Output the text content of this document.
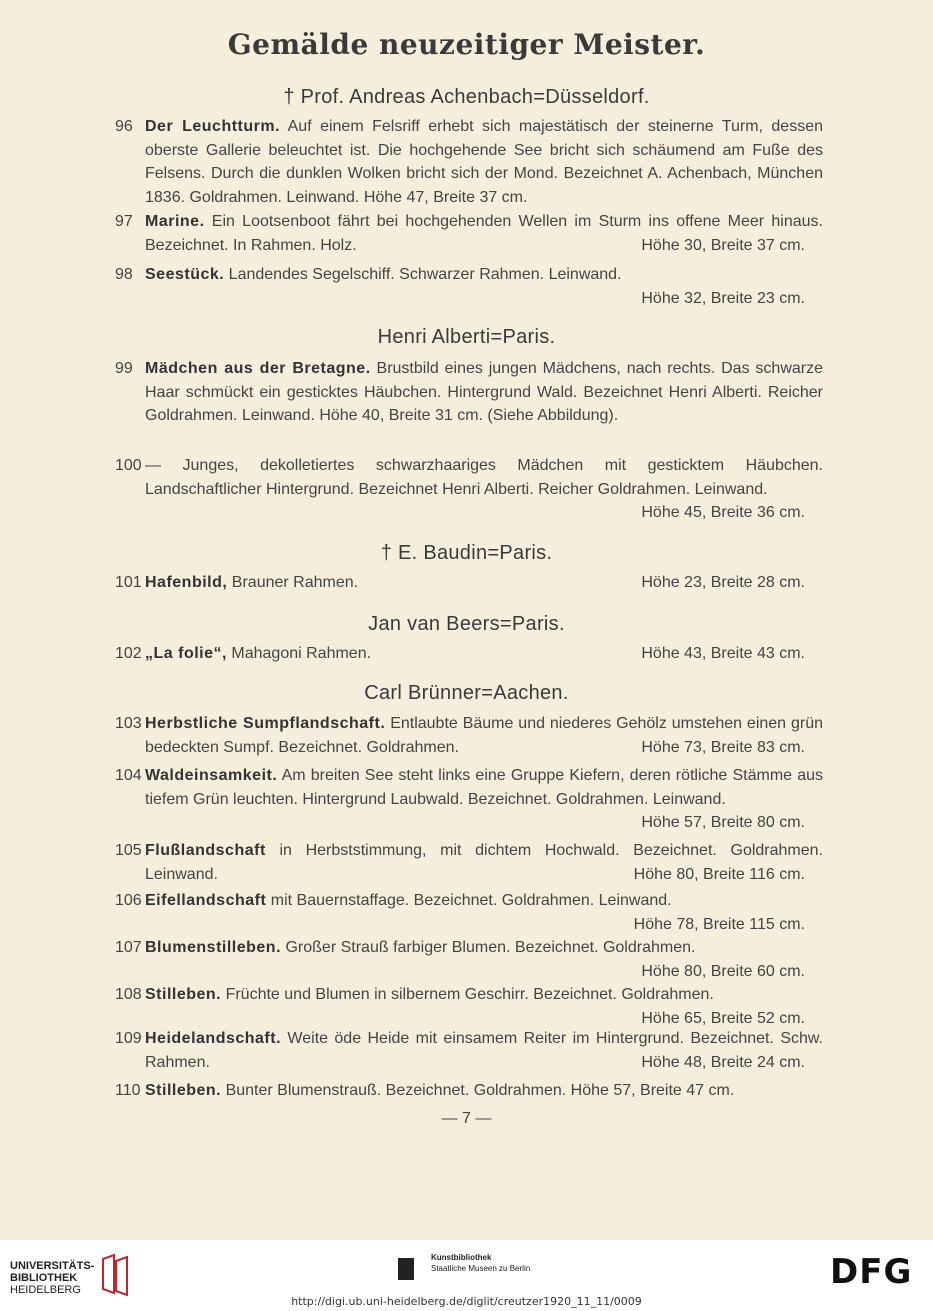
Gemälde neuzeitiger Meister.
† Prof. Andreas Achenbach=Düsseldorf.
96 Der Leuchtturm. Auf einem Felsriff erhebt sich majestätisch der steinerne Turm, dessen oberste Gallerie beleuchtet ist. Die hochgehende See bricht sich schäumend am Fuße des Felsens. Durch die dunklen Wolken bricht sich der Mond. Bezeichnet A. Achenbach, München 1836. Goldrahmen. Leinwand. Höhe 47, Breite 37 cm.
97 Marine. Ein Lootsenboot fährt bei hochgehenden Wellen im Sturm ins offene Meer hinaus. Bezeichnet. In Rahmen. Holz.	Höhe 30, Breite 37 cm.
98 Seestück. Landendes Segelschiff. Schwarzer Rahmen. Leinwand.
Höhe 32, Breite 23 cm.
Henri Alberti=Paris.
99 Mädchen aus der Bretagne. Brustbild eines jungen Mädchens, nach rechts. Das schwarze Haar schmückt ein gesticktes Häubchen. Hintergrund Wald. Bezeichnet Henri Alberti. Reicher Goldrahmen. Leinwand. Höhe 40, Breite 31 cm. (Siehe Abbildung).
100 — Junges, dekolletiertes schwarzhaariges Mädchen mit gesticktem Häubchen. Landschaftlicher Hintergrund. Bezeichnet Henri Alberti. Reicher Goldrahmen. Leinwand.
Höhe 45, Breite 36 cm.
† E. Baudin=Paris.
101 Hafenbild, Brauner Rahmen.	Höhe 23, Breite 28 cm.
Jan van Beers=Paris.
102 „La folie“, Mahagoni Rahmen.	Höhe 43, Breite 43 cm.
Carl Brünner=Aachen.
103 Herbstliche Sumpflandschaft. Entlaubte Bäume und niederes Gehölz umstehen einen grün bedeckten Sumpf. Bezeichnet. Goldrahmen.	Höhe 73, Breite 83 cm.
104 Waldeinsamkeit. Am breiten See steht links eine Gruppe Kiefern, deren rötliche Stämme aus tiefem Grün leuchten. Hintergrund Laubwald. Bezeichnet. Goldrahmen. Leinwand.
Höhe 57, Breite 80 cm.
105 Flußlandschaft in Herbststimmung, mit dichtem Hochwald. Bezeichnet. Goldrahmen. Leinwand.	Höhe 80, Breite 116 cm.
106 Eifellandschaft mit Bauernstaffage. Bezeichnet. Goldrahmen. Leinwand.
Höhe 78, Breite 115 cm.
107 Blumenstilleben. Großer Strauß farbiger Blumen. Bezeichnet. Goldrahmen.
Höhe 80, Breite 60 cm.
108 Stilleben. Früchte und Blumen in silbernem Geschirr. Bezeichnet. Goldrahmen.
Höhe 65, Breite 52 cm.
109 Heidelandschaft. Weite öde Heide mit einsamem Reiter im Hintergrund. Bezeichnet. Schw. Rahmen.	Höhe 48, Breite 24 cm.
110 Stilleben. Bunter Blumenstrauß. Bezeichnet. Goldrahmen. Höhe 57, Breite 47 cm.
— 7 —
UNIVERSITÄTS-
BIBLIOTHEK
HEIDELBERG
Kunstbibliothek
Staatliche Museen zu Berlin	DFG
http://digi.ub.uni-heidelberg.de/diglit/creutzer1920_11_11/0009
